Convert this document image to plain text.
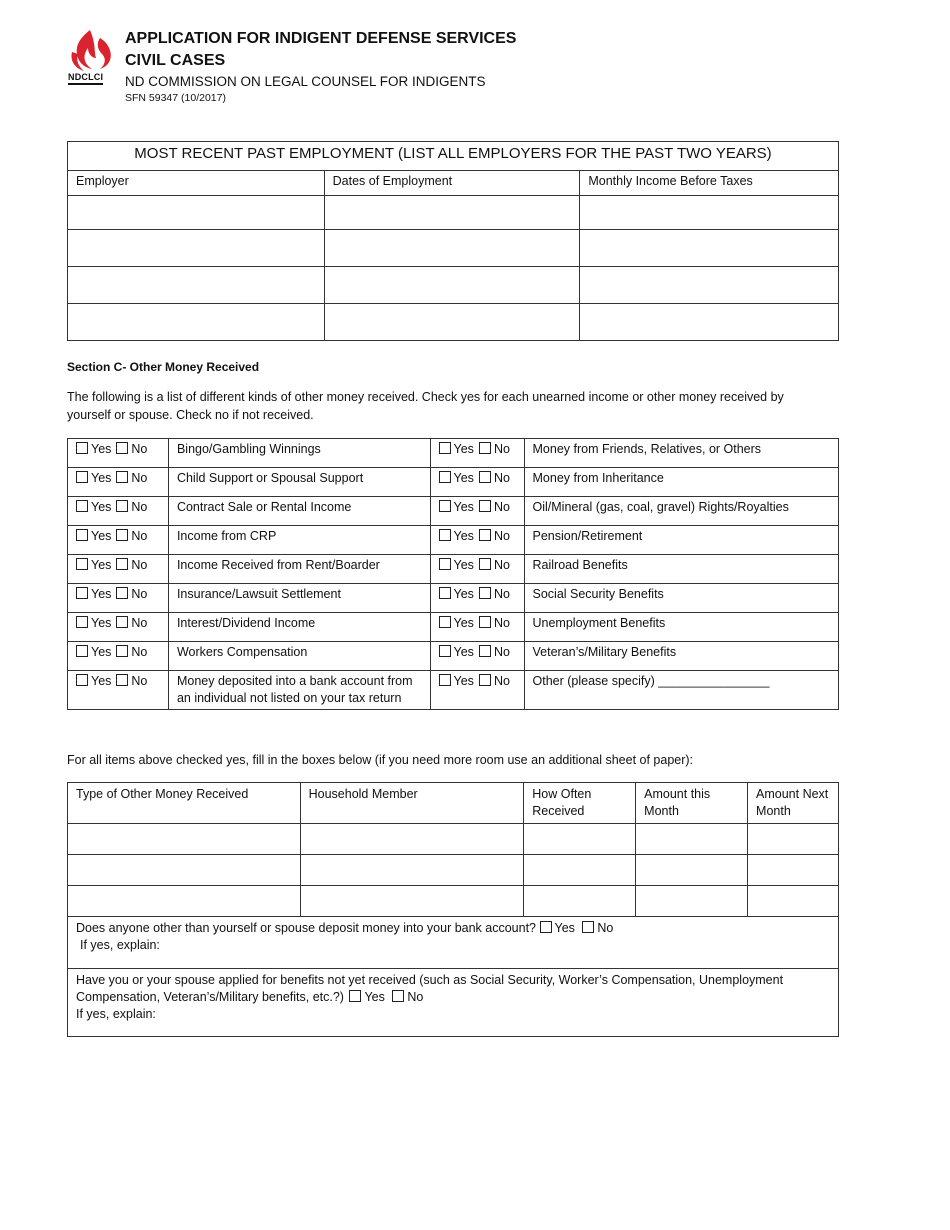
NDCLCI
APPLICATION FOR INDIGENT DEFENSE SERVICES
CIVIL CASES
ND COMMISSION ON LEGAL COUNSEL FOR INDIGENTS
SFN 59347 (10/2017)
MOST RECENT PAST EMPLOYMENT (LIST ALL EMPLOYERS FOR THE PAST TWO YEARS)		
Employer	Dates of Employment	Monthly Income Before Taxes

Section C- Other Money Received
The following is a list of different kinds of other money received. Check yes for each unearned income or other money received by yourself or spouse. Check no if not received.
Yes No	Bingo/Gambling Winnings	Yes No	Money from Friends, Relatives, or Others
Yes No	Child Support or Spousal Support	Yes No	Money from Inheritance
Yes No	Contract Sale or Rental Income	Yes No	Oil/Mineral (gas, coal, gravel) Rights/Royalties
Yes No	Income from CRP	Yes No	Pension/Retirement
Yes No	Income Received from Rent/Boarder	Yes No	Railroad Benefits
Yes No	Insurance/Lawsuit Settlement	Yes No	Social Security Benefits
Yes No	Interest/Dividend Income	Yes No	Unemployment Benefits
Yes No	Workers Compensation	Yes No	Veteran’s/Military Benefits
Yes No	Money deposited into a bank account from an individual not listed on your tax return	Yes No	Other (please specify) ________________
For all items above checked yes, fill in the boxes below (if you need more room use an additional sheet of paper):
Type of Other Money Received	Household Member	How Often Received	Amount this Month	Amount Next Month

Does anyone other than yourself or spouse deposit money into your bank account? Yes No
If yes, explain:				
Have you or your spouse applied for benefits not yet received (such as Social Security, Worker’s Compensation, Unemployment Compensation, Veteran’s/Military benefits, etc.?) Yes No
If yes, explain:				
